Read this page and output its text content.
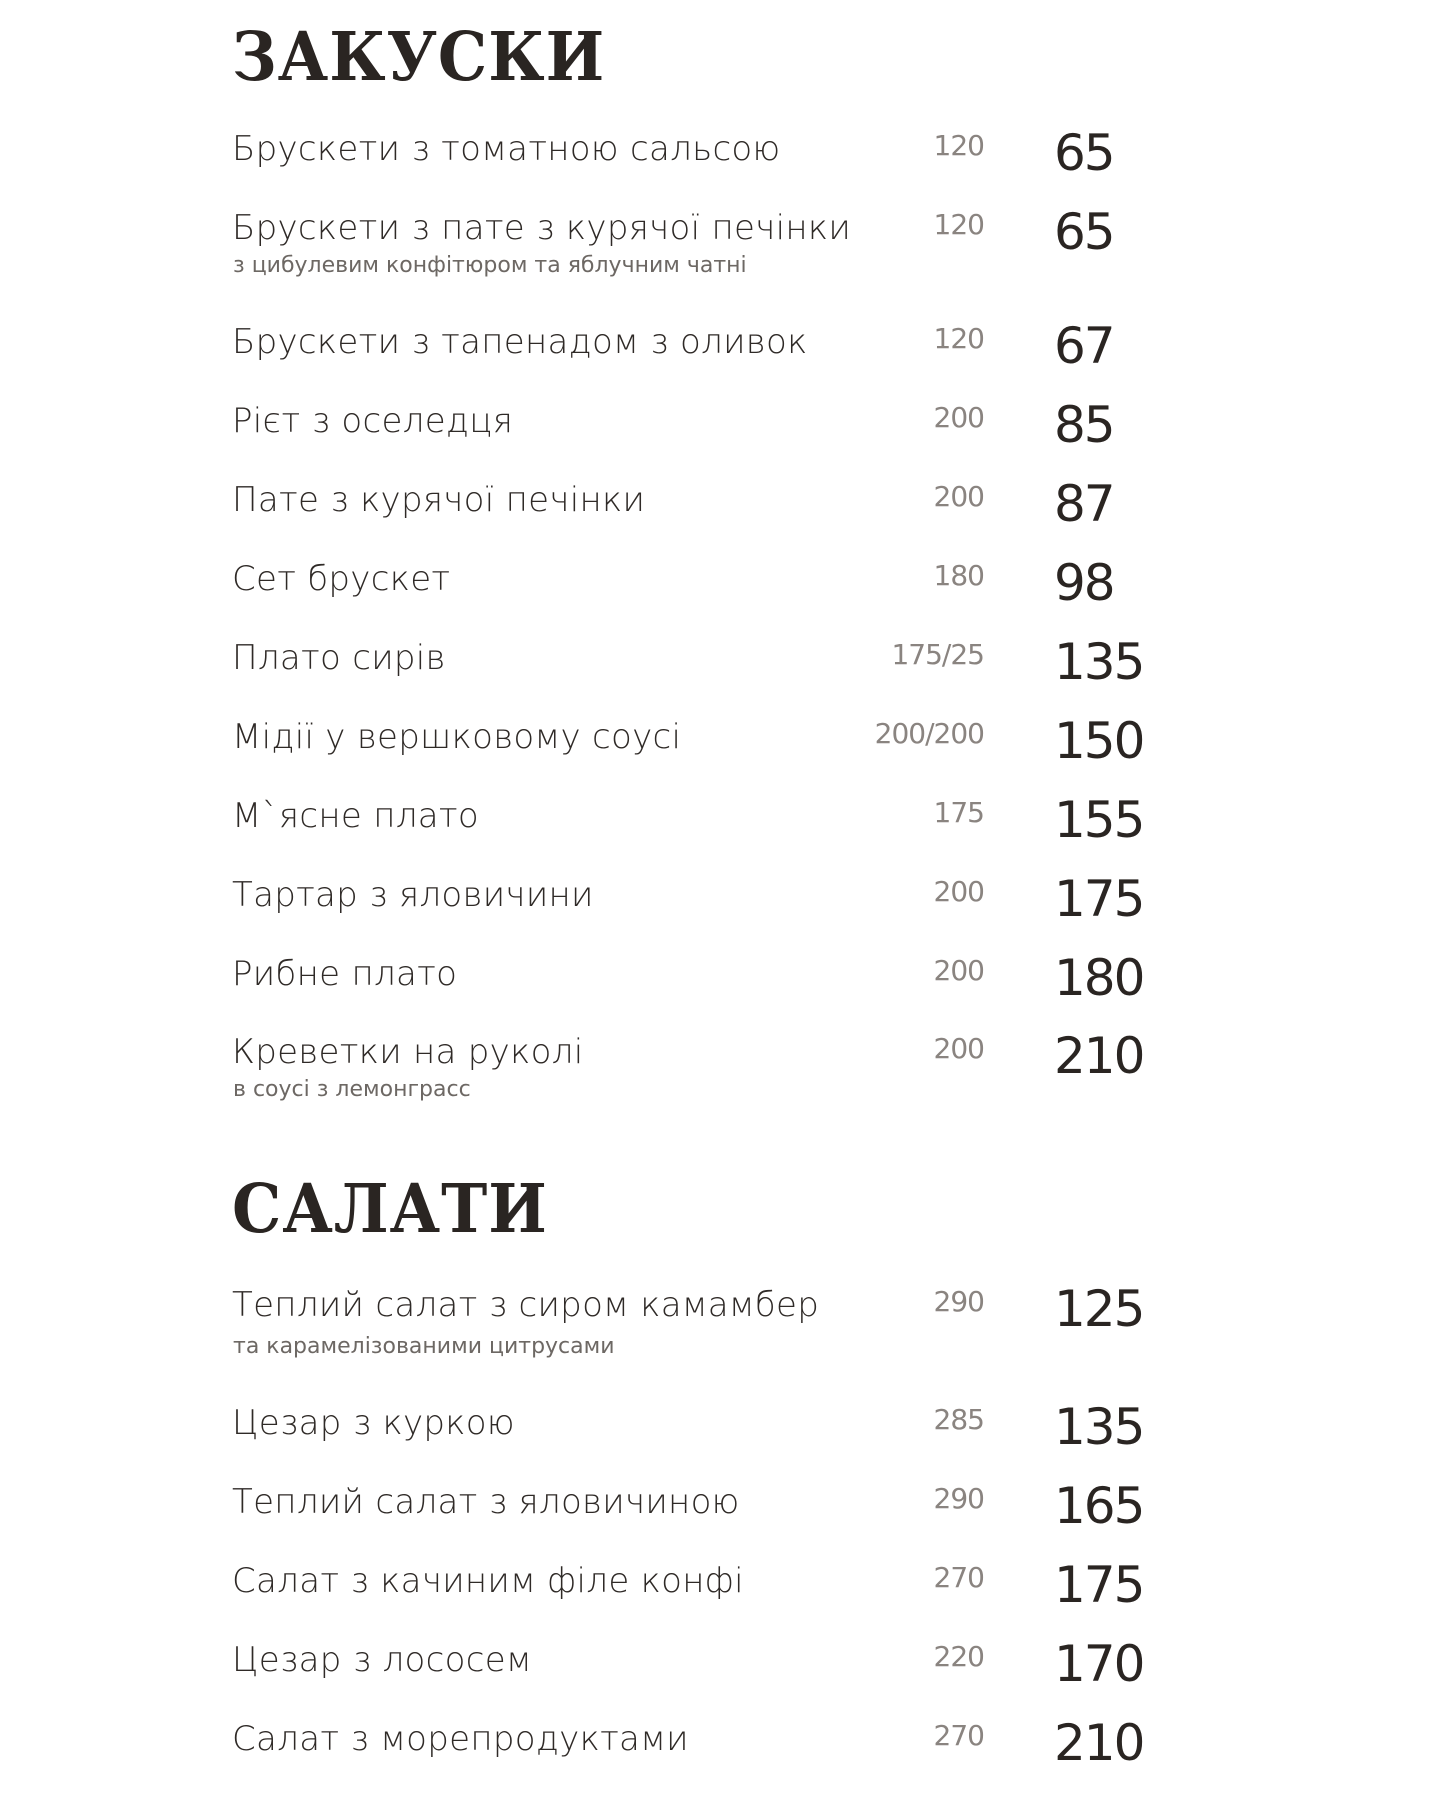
ЗАКУСКИ
Брускети з томатною сальсою	120 65
Брускети з пате з курячої печінки
з цибулевим конфітюром та яблучним чатні
120 65
Брускети з тапенадом з оливок	120 67
Рієт з оселедця	200 85
Пате з курячої печінки	200 87
Сет брускет	180 98
Плато сирів	175/25 135
Мідії у вершковому соусі	200/200 150
М`ясне плато	175 155
Тартар з яловичини	200 175
Рибне плато	200 180
Креветки на руколі
в соусі з лемонграсс
200 210
САЛАТИ
Теплий салат з сиром камамбер
та карамелізованими цитрусами
290 125
Цезар з куркою	285 135
Теплий салат з яловичиною	290 165
Салат з качиним філе конфі	270 175
Цезар з лососем	220 170
Салат з морепродуктами	270 210
